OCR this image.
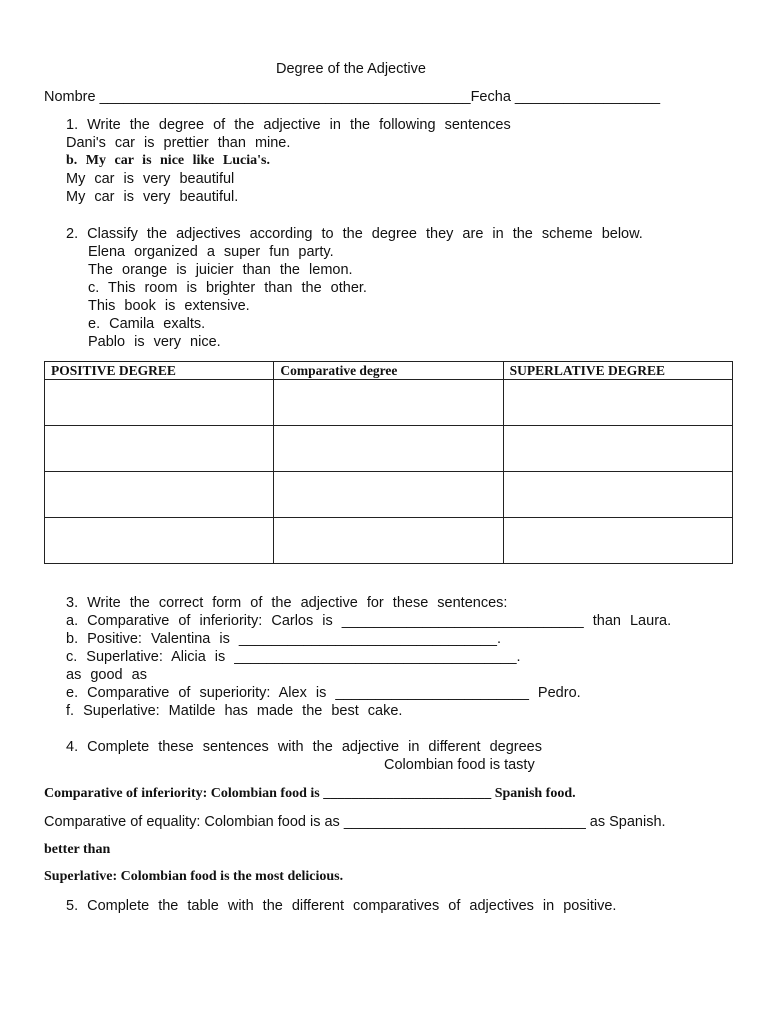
Degree of the Adjective
Nombre ______________________________________________Fecha __________________
1. Write the degree of the adjective in the following sentences
Dani's car is prettier than mine.
b. My car is nice like Lucia's.
My car is very beautiful
My car is very beautiful.
2. Classify the adjectives according to the degree they are in the scheme below.
Elena organized a super fun party.
The orange is juicier than the lemon.
c. This room is brighter than the other.
This book is extensive.
e. Camila exalts.
Pablo is very nice.
POSITIVE DEGREE	Comparative degree	SUPERLATIVE DEGREE

3. Write the correct form of the adjective for these sentences:
a. Comparative of inferiority: Carlos is ______________________________ than Laura.
b. Positive: Valentina is ________________________________.
c. Superlative: Alicia is ___________________________________.
as good as
e. Comparative of superiority: Alex is ________________________ Pedro.
f. Superlative: Matilde has made the best cake.
4. Complete these sentences with the adjective in different degrees
Colombian food is tasty
Comparative of inferiority: Colombian food is ________________________ Spanish food.
Comparative of equality: Colombian food is as ______________________________ as Spanish.
better than
Superlative: Colombian food is the most delicious.
5. Complete the table with the different comparatives of adjectives in positive.
